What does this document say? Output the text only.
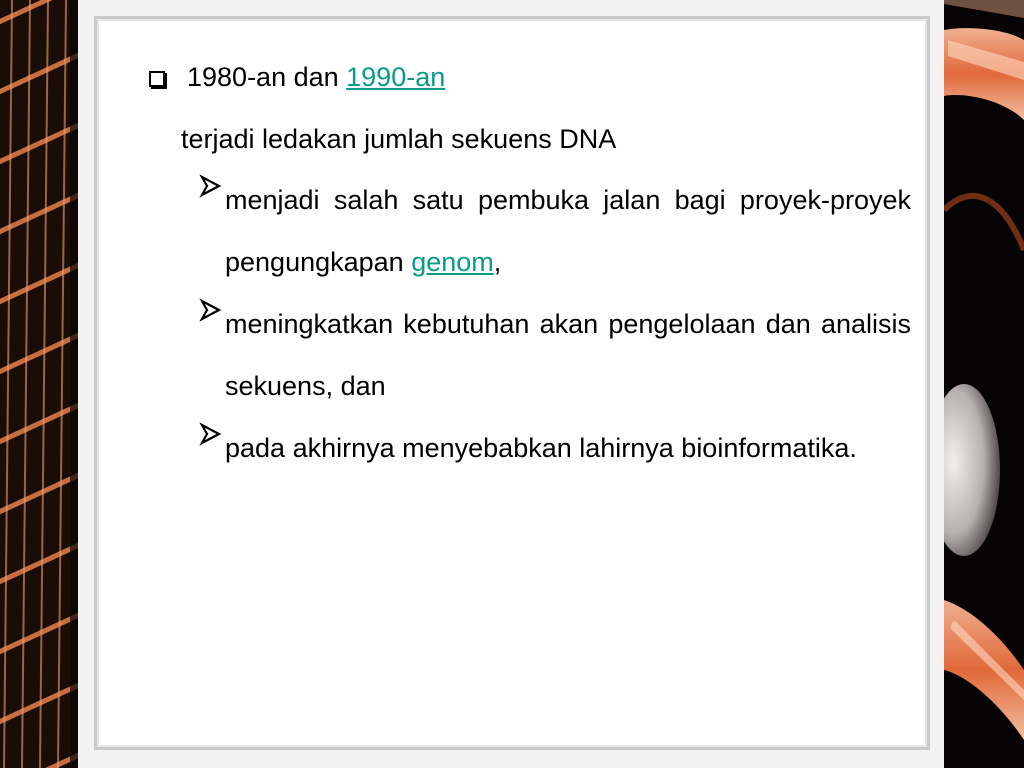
1980-an dan 1990-an
terjadi ledakan jumlah sekuens DNA
menjadi salah satu pembuka jalan bagi proyek-proyek pengungkapan genom,
meningkatkan kebutuhan akan pengelolaan dan analisis sekuens, dan
pada akhirnya menyebabkan lahirnya bioinformatika.
